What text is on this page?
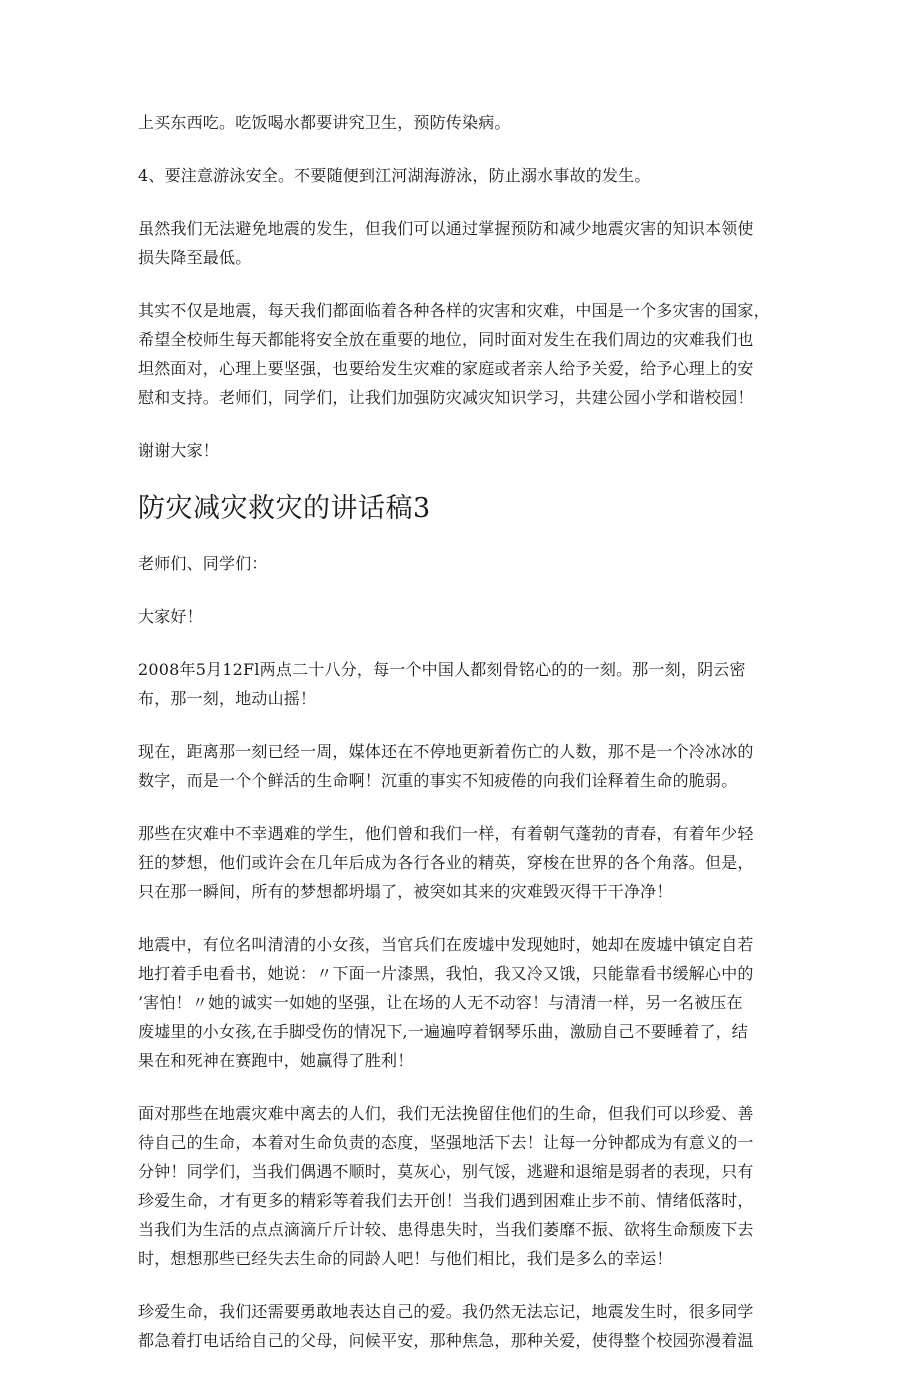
上买东西吃。吃饭喝水都要讲究卫生，预防传染病。

4、要注意游泳安全。不要随便到江河湖海游泳，防止溺水事故的发生。

虽然我们无法避免地震的发生，但我们可以通过掌握预防和减少地震灾害的知识本领使
损失降至最低。

其实不仅是地震，每天我们都面临着各种各样的灾害和灾难，中国是一个多灾害的国家，
希望全校师生每天都能将安全放在重要的地位，同时面对发生在我们周边的灾难我们也
坦然面对，心理上要坚强，也要给发生灾难的家庭或者亲人给予关爱，给予心理上的安
慰和支持。老师们，同学们，让我们加强防灾减灾知识学习，共建公园小学和谐校园！

谢谢大家！

防灾减灾救灾的讲话稿3

老师们、同学们：

大家好！

2008年5月12Fl两点二十八分，每一个中国人都刻骨铭心的的一刻。那一刻，阴云密
布，那一刻，地动山摇！

现在，距离那一刻已经一周，媒体还在不停地更新着伤亡的人数，那不是一个冷冰冰的
数字，而是一个个鲜活的生命啊！沉重的事实不知疲倦的向我们诠释着生命的脆弱。

那些在灾难中不幸遇难的学生，他们曾和我们一样，有着朝气蓬勃的青春，有着年少轻
狂的梦想，他们或许会在几年后成为各行各业的精英，穿梭在世界的各个角落。但是，
只在那一瞬间，所有的梦想都坍塌了，被突如其来的灾难毁灭得干干净净！

地震中，有位名叫清清的小女孩，当官兵们在废墟中发现她时，她却在废墟中镇定自若
地打着手电看书，她说：〃下面一片漆黑，我怕，我又冷又饿，只能靠看书缓解心中的
’害怕！〃她的诚实一如她的坚强，让在场的人无不动容！与清清一样，另一名被压在
废墟里的小女孩,在手脚受伤的情况下,一遍遍哼着钢琴乐曲，激励自己不要睡着了，结
果在和死神在赛跑中，她赢得了胜利！

面对那些在地震灾难中离去的人们，我们无法挽留住他们的生命，但我们可以珍爱、善
待自己的生命，本着对生命负责的态度，坚强地活下去！让每一分钟都成为有意义的一
分钟！同学们，当我们偶遇不顺时，莫灰心，别气馁，逃避和退缩是弱者的表现，只有
珍爱生命，才有更多的精彩等着我们去开创！当我们遇到困难止步不前、情绪低落时，
当我们为生活的点点滴滴斤斤计较、患得患失时，当我们萎靡不振、欲将生命颓废下去
时，想想那些已经失去生命的同龄人吧！与他们相比，我们是多么的幸运！

珍爱生命，我们还需要勇敢地表达自己的爱。我仍然无法忘记，地震发生时，很多同学
都急着打电话给自己的父母，问候平安，那种焦急，那种关爱，使得整个校园弥漫着温
